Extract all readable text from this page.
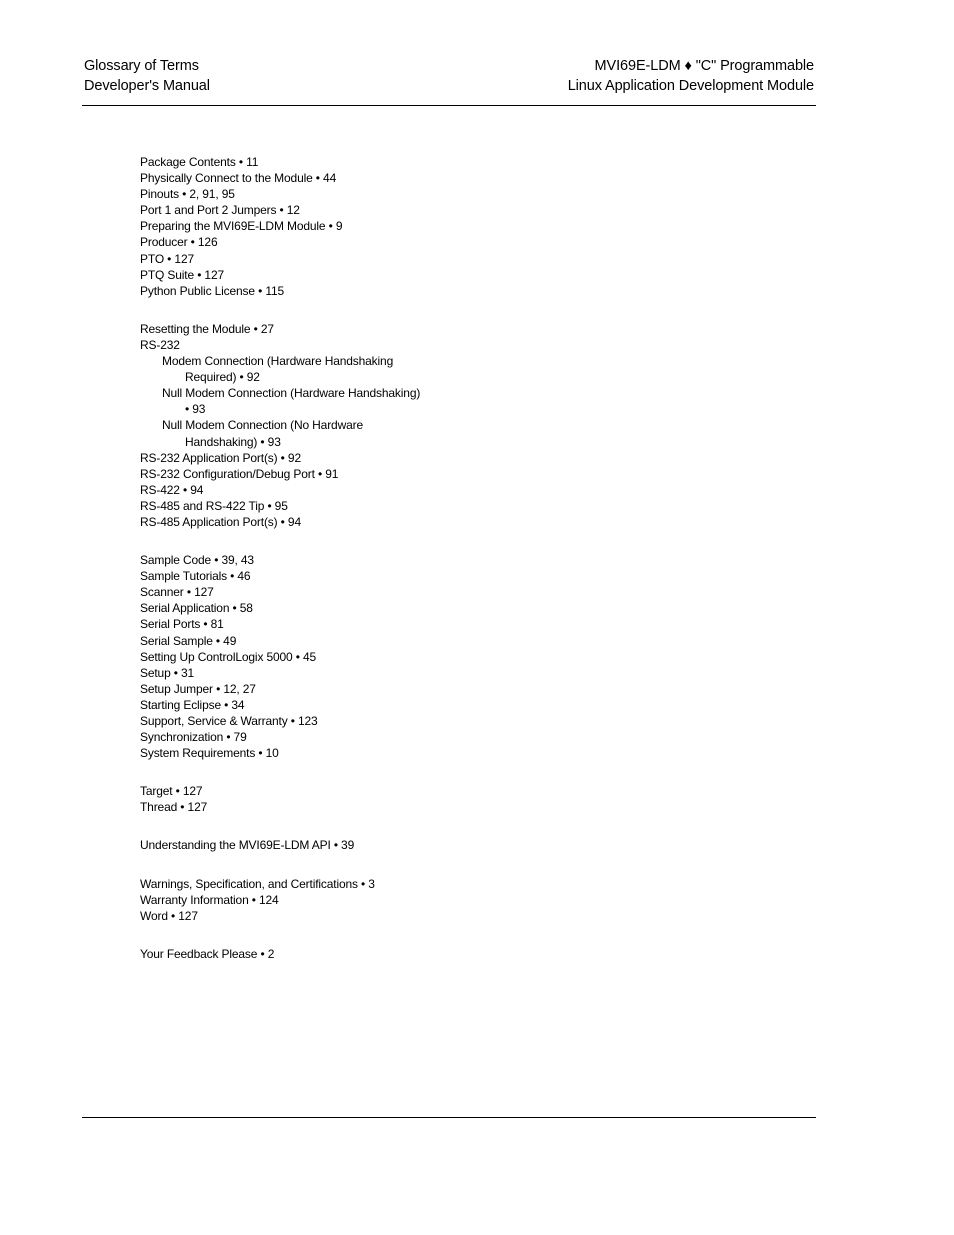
Glossary of Terms
Developer's Manual
MVI69E-LDM ♦ "C" Programmable
Linux Application Development Module
Package Contents • 11
Physically Connect to the Module • 44
Pinouts • 2, 91, 95
Port 1 and Port 2 Jumpers • 12
Preparing the MVI69E-LDM Module • 9
Producer • 126
PTO • 127
PTQ Suite • 127
Python Public License • 115
Resetting the Module • 27
RS-232
Modem Connection (Hardware Handshaking
Required) • 92
Null Modem Connection (Hardware Handshaking)
• 93
Null Modem Connection (No Hardware
Handshaking) • 93
RS-232 Application Port(s) • 92
RS-232 Configuration/Debug Port • 91
RS-422 • 94
RS-485 and RS-422 Tip • 95
RS-485 Application Port(s) • 94
Sample Code • 39, 43
Sample Tutorials • 46
Scanner • 127
Serial Application • 58
Serial Ports • 81
Serial Sample • 49
Setting Up ControlLogix 5000 • 45
Setup • 31
Setup Jumper • 12, 27
Starting Eclipse • 34
Support, Service & Warranty • 123
Synchronization • 79
System Requirements • 10
Target • 127
Thread • 127
Understanding the MVI69E-LDM API • 39
Warnings, Specification, and Certifications • 3
Warranty Information • 124
Word • 127
Your Feedback Please • 2
